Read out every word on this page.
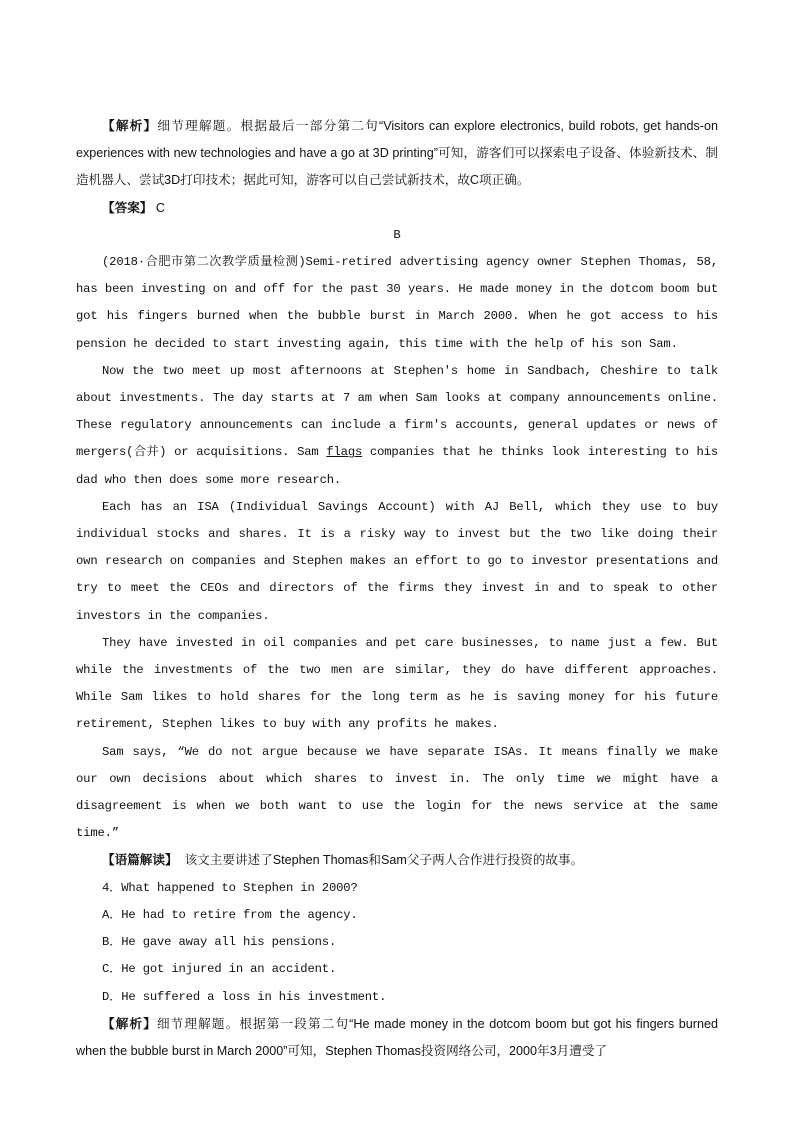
【解析】细节理解题。根据最后一部分第二句“Visitors can explore electronics, build robots, get hands-on experiences with new technologies and have a go at 3D printing”可知，游客们可以探索电子设备、体验新技术、制造机器人、尝试3D打印技术；据此可知，游客可以自己尝试新技术，故C项正确。

【答案】 C

B

(2018·合肥市第二次教学质量检测)Semi-retired advertising agency owner Stephen Thomas, 58, has been investing on and off for the past 30 years. He made money in the dotcom boom but got his fingers burned when the bubble burst in March 2000. When he got access to his pension he decided to start investing again, this time with the help of his son Sam.

Now the two meet up most afternoons at Stephen's home in Sandbach, Cheshire to talk about investments. The day starts at 7 am when Sam looks at company announcements online. These regulatory announcements can include a firm's accounts, general updates or news of mergers(合并) or acquisitions. Sam flags companies that he thinks look interesting to his dad who then does some more research.

Each has an ISA (Individual Savings Account) with AJ Bell, which they use to buy individual stocks and shares. It is a risky way to invest but the two like doing their own research on companies and Stephen makes an effort to go to investor presentations and try to meet the CEOs and directors of the firms they invest in and to speak to other investors in the companies.

They have invested in oil companies and pet care businesses, to name just a few. But while the investments of the two men are similar, they do have different approaches. While Sam likes to hold shares for the long term as he is saving money for his future retirement, Stephen likes to buy with any profits he makes.

Sam says, “We do not argue because we have separate ISAs. It means finally we make our own decisions about which shares to invest in. The only time we might have a disagreement is when we both want to use the login for the news service at the same time.”

【语篇解读】 该文主要讲述了Stephen Thomas和Sam父子两人合作进行投资的故事。

4．What happened to Stephen in 2000?

A．He had to retire from the agency.

B．He gave away all his pensions.

C．He got injured in an accident.

D．He suffered a loss in his investment.

【解析】细节理解题。根据第一段第二句“He made money in the dotcom boom but got his fingers burned when the bubble burst in March 2000”可知，Stephen Thomas投资网络公司，2000年3月遭受了
